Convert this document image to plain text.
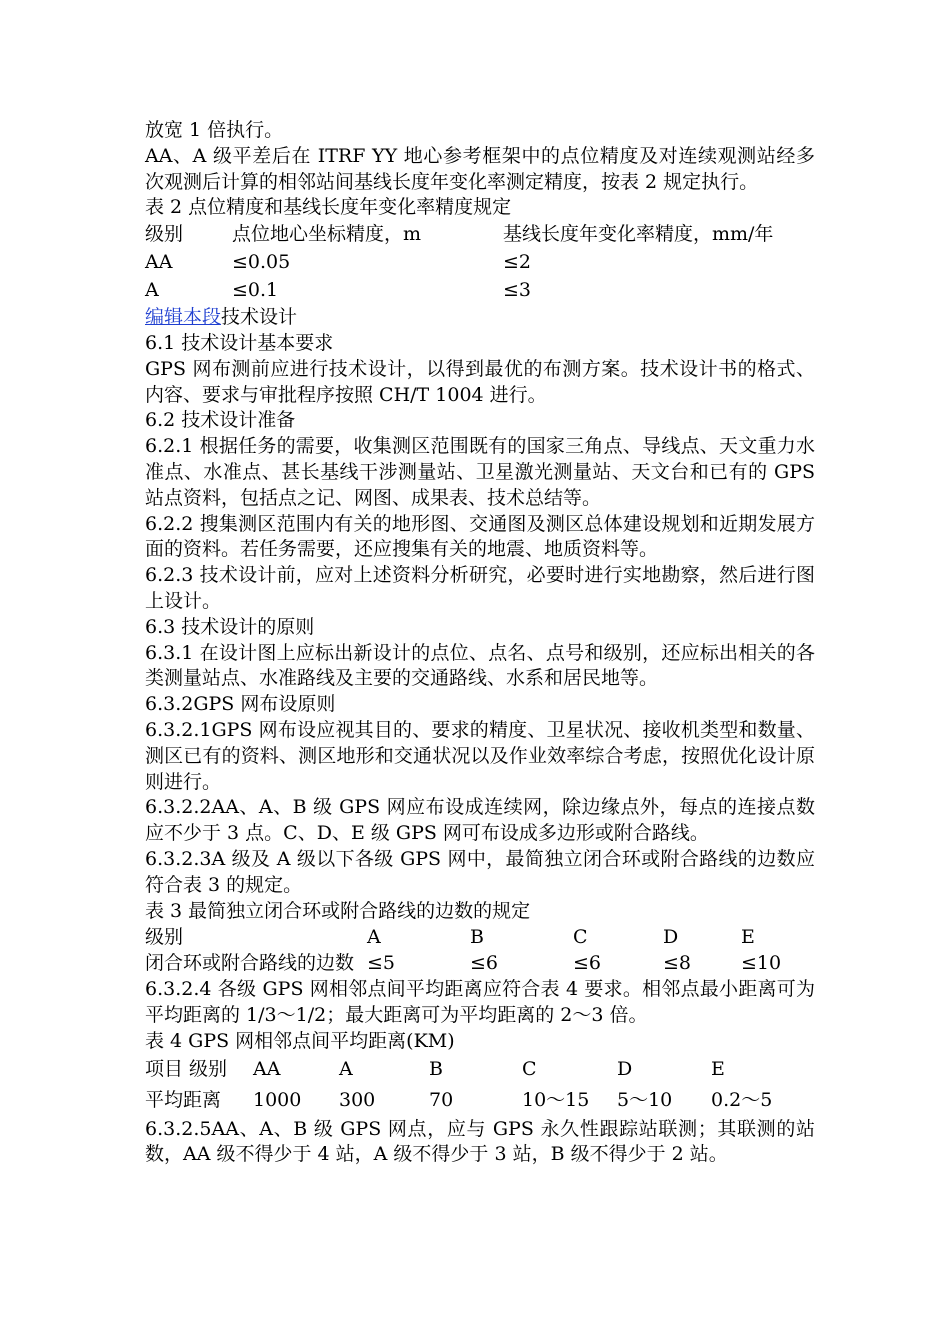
放宽 1 倍执行。

AA、A 级平差后在 ITRF YY 地心参考框架中的点位精度及对连续观测站经多次观测后计算的相邻站间基线长度年变化率测定精度，按表 2 规定执行。

表 2 点位精度和基线长度年变化率精度规定

级别	点位地心坐标精度，m	基线长度年变化率精度，mm/年
AA	≤0.05	≤2
A	≤0.1	≤3

编辑本段技术设计

6.1 技术设计基本要求

GPS 网布测前应进行技术设计，以得到最优的布测方案。技术设计书的格式、内容、要求与审批程序按照 CH/T 1004 进行。

6.2 技术设计准备

6.2.1 根据任务的需要，收集测区范围既有的国家三角点、导线点、天文重力水准点、水准点、甚长基线干涉测量站、卫星激光测量站、天文台和已有的 GPS 站点资料，包括点之记、网图、成果表、技术总结等。

6.2.2 搜集测区范围内有关的地形图、交通图及测区总体建设规划和近期发展方面的资料。若任务需要，还应搜集有关的地震、地质资料等。

6.2.3 技术设计前，应对上述资料分析研究，必要时进行实地勘察，然后进行图上设计。

6.3 技术设计的原则

6.3.1 在设计图上应标出新设计的点位、点名、点号和级别，还应标出相关的各类测量站点、水准路线及主要的交通路线、水系和居民地等。

6.3.2GPS 网布设原则

6.3.2.1GPS 网布设应视其目的、要求的精度、卫星状况、接收机类型和数量、测区已有的资料、测区地形和交通状况以及作业效率综合考虑，按照优化设计原则进行。

6.3.2.2AA、A、B 级 GPS 网应布设成连续网，除边缘点外，每点的连接点数应不少于 3 点。C、D、E 级 GPS 网可布设成多边形或附合路线。

6.3.2.3A 级及 A 级以下各级 GPS 网中，最简独立闭合环或附合路线的边数应符合表 3 的规定。

表 3 最简独立闭合环或附合路线的边数的规定

级别	A	B	C	D	E
闭合环或附合路线的边数	≤5	≤6	≤6	≤8	≤10

6.3.2.4 各级 GPS 网相邻点间平均距离应符合表 4 要求。相邻点最小距离可为平均距离的 1/3～1/2；最大距离可为平均距离的 2～3 倍。

表 4 GPS 网相邻点间平均距离(KM)

项目 级别	AA	A	B	C	D	E
平均距离	1000	300	70	10～15	5～10	0.2～5

6.3.2.5AA、A、B 级 GPS 网点，应与 GPS 永久性跟踪站联测；其联测的站数，AA 级不得少于 4 站，A 级不得少于 3 站，B 级不得少于 2 站。
